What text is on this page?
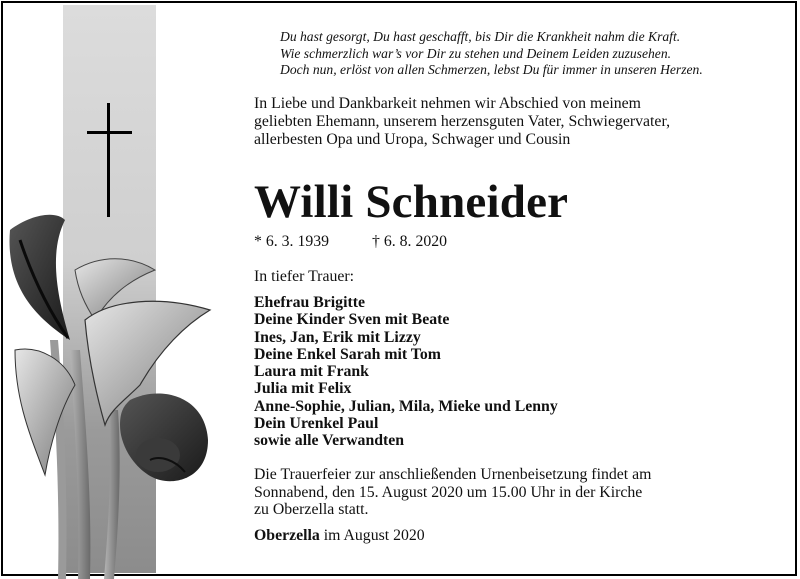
Du hast gesorgt, Du hast geschafft, bis Dir die Krankheit nahm die Kraft.
Wie schmerzlich war’s vor Dir zu stehen und Deinem Leiden zuzusehen.
Doch nun, erlöst von allen Schmerzen, lebst Du für immer in unseren Herzen.
In Liebe und Dankbarkeit nehmen wir Abschied von meinem
geliebten Ehemann, unserem herzensguten Vater, Schwiegervater,
allerbesten Opa und Uropa, Schwager und Cousin
Willi Schneider
* 6. 3. 1939	† 6. 8. 2020
In tiefer Trauer:
Ehefrau Brigitte
Deine Kinder Sven mit Beate
Ines, Jan, Erik mit Lizzy
Deine Enkel Sarah mit Tom
Laura mit Frank
Julia mit Felix
Anne-Sophie, Julian, Mila, Mieke und Lenny
Dein Urenkel Paul
sowie alle Verwandten
Die Trauerfeier zur anschließenden Urnenbeisetzung findet am
Sonnabend, den 15. August 2020 um 15.00 Uhr in der Kirche
zu Oberzella statt.
Oberzella im August 2020
